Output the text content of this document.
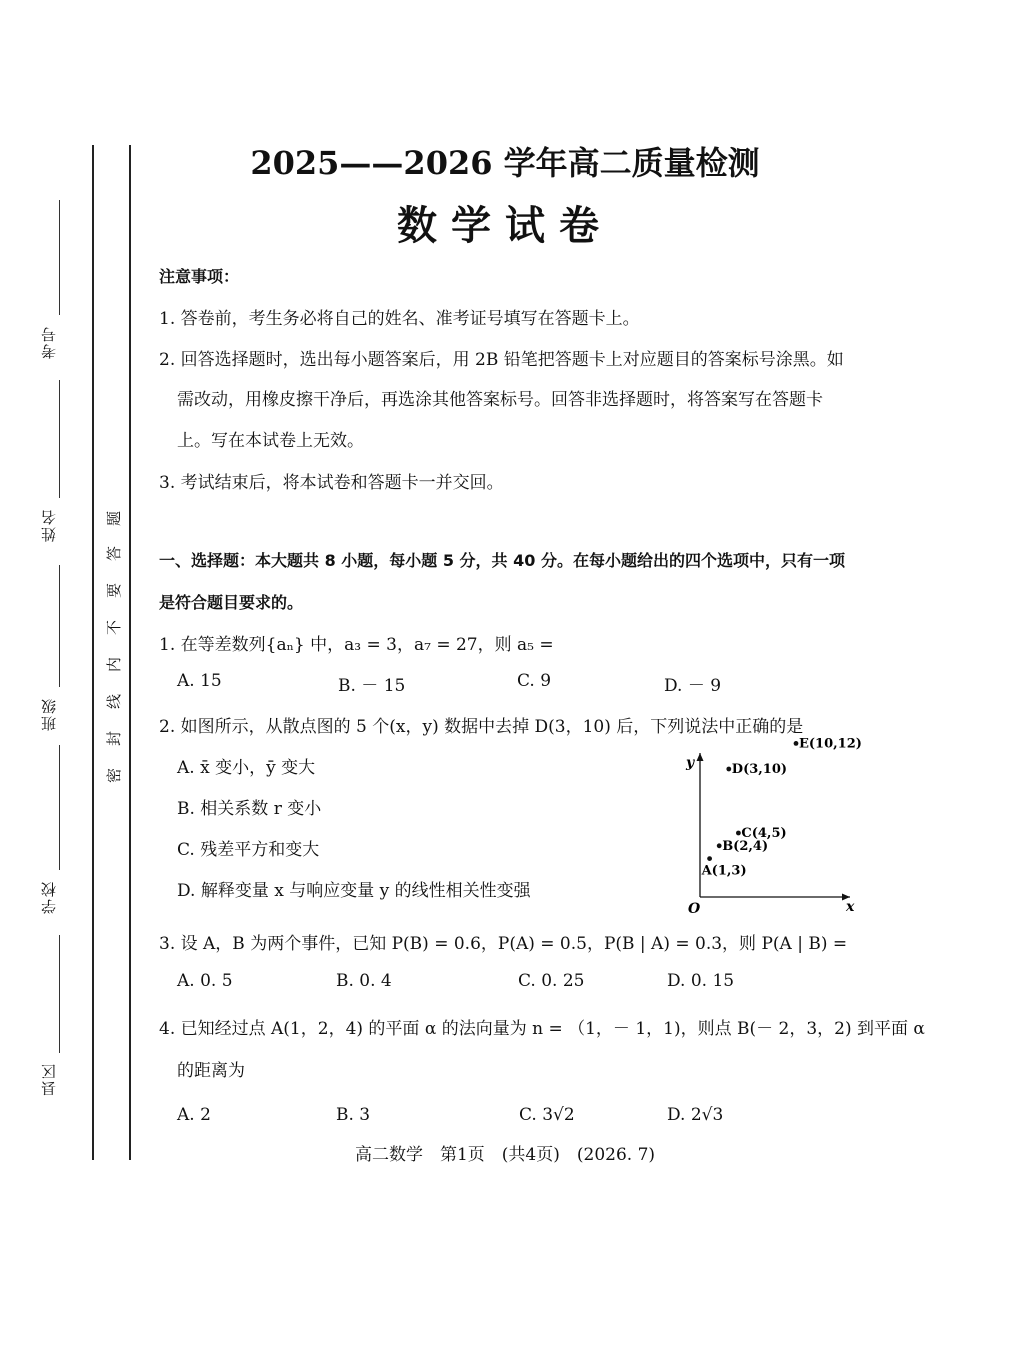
考号
姓名
班级
学校
县区
题
答
要
不
内
线
封
密
2025——2026 学年高二质量检测
数学试卷
注意事项：
1. 答卷前，考生务必将自己的姓名、准考证号填写在答题卡上。
2. 回答选择题时，选出每小题答案后，用 2B 铅笔把答题卡上对应题目的答案标号涂黑。如
需改动，用橡皮擦干净后，再选涂其他答案标号。回答非选择题时，将答案写在答题卡
上。写在本试卷上无效。
3. 考试结束后，将本试卷和答题卡一并交回。
一、选择题：本大题共 8 小题，每小题 5 分，共 40 分。在每小题给出的四个选项中，只有一项
是符合题目要求的。
1. 在等差数列{aₙ} 中，a₃ = 3，a₇ = 27，则 a₅ =
A. 15	B. － 15	C. 9	D. － 9
2. 如图所示，从散点图的 5 个(x，y) 数据中去掉 D(3，10) 后，下列说法中正确的是
A. x̄ 变小，ȳ 变大
B. 相关系数 r 变小
C. 残差平方和变大
D. 解释变量 x 与响应变量 y 的线性相关性变强
x
y
O
A(1,3)
B(2,4)
C(4,5)
D(3,10)
E(10,12)
3. 设 A，B 为两个事件，已知 P(B) = 0.6，P(A) = 0.5，P(B | A) = 0.3，则 P(A | B) =
A. 0. 5	B. 0. 4	C. 0. 25	D. 0. 15
4. 已知经过点 A(1，2，4) 的平面 α 的法向量为 n = （1，－ 1，1)，则点 B(－ 2，3，2) 到平面 α
的距离为
A. 2	B. 3	C. 3√2	D. 2√3
高二数学　第1页　(共4页)　(2026. 7)
